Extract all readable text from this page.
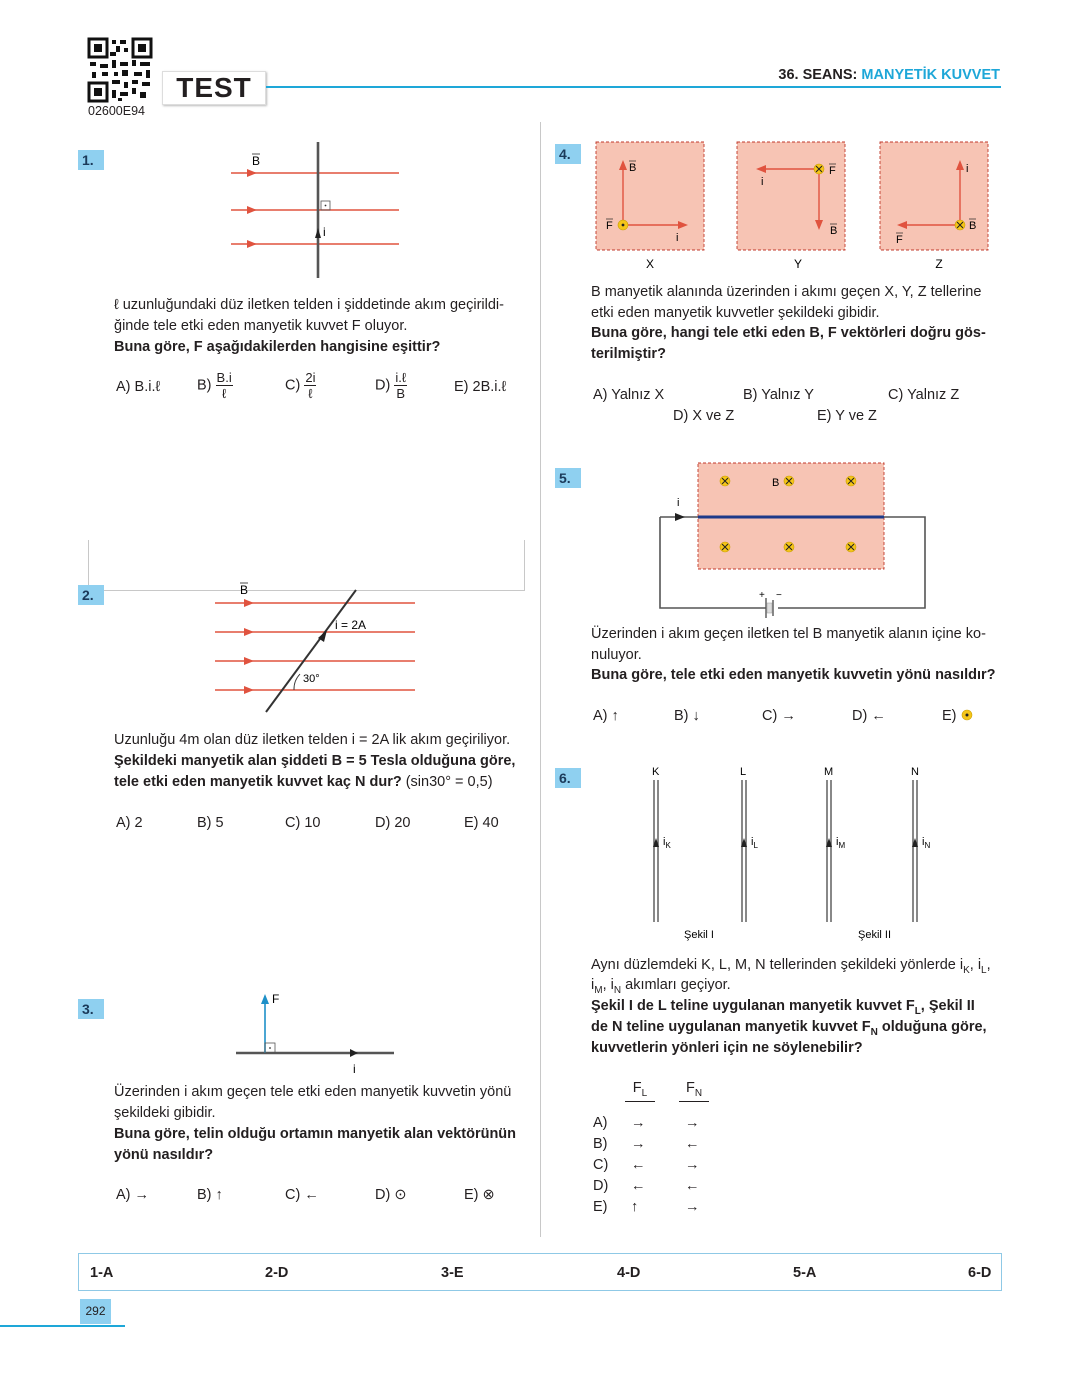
02600E94
TEST	36. SEANS: MANYETİK KUVVET
1.	B
i
ℓ uzunluğundaki düz iletken telden i şiddetinde akım geçirildi-
ğinde tele etki eden manyetik kuvvet F oluyor.
Buna göre, F aşağıdakilerden hangisine eşittir?
A) B.i.ℓ	$B) \frac{B.i}{\text{ℓ}}$	$C) \frac{2i}{\text{ℓ}}$	$D) \frac{\text{i.ℓ}}{B}$	E) 2B.i.ℓ
2.	B
i = 2A
30°
Uzunluğu 4m olan düz iletken telden i = 2A lik akım geçiriliyor.
Şekildeki manyetik alan şiddeti B = 5 Tesla olduğuna göre,
tele etki eden manyetik kuvvet kaç N dur? (sin30° = 0,5)
A) 2	B) 5	C) 10	D) 20	E) 40
3.
F
i
Üzerinden i akım geçen tele etki eden manyetik kuvvetin yönü
şekildeki gibidir.
Buna göre, telin olduğu ortamın manyetik alan vektörünün
yönü nasıldır?
A) →	B) ↑	C) ←	D) ⊙	E) ⊗
4.
B
F
i
X
i
F
B
Y
i
B
F
Z
B manyetik alanında üzerinden i akımı geçen X, Y, Z tellerine
etki eden manyetik kuvvetler şekildeki gibidir.
Buna göre, hangi tele etki eden B, F vektörleri doğru gös-
terilmiştir?
A) Yalnız X	B) Yalnız Y	C) Yalnız Z
D) X ve Z	E) Y ve Z
5.
+ −
i
B
Üzerinden i akım geçen iletken tel B manyetik alanın içine ko-
nuluyor.
Buna göre, tele etki eden manyetik kuvvetin yönü nasıldır?
A) ↑	B) ↓	C) →	D) ←	E)
6.	K	L	M	N
$i_K$	$i_L$	$i_M$	$i_N$
Şekil I	Şekil II
Aynı düzlemdeki K, L, M, N tellerinden şekildeki yönlerde $i_K$, $i_L$,
$i_M$, $i_N$ akımları geçiyor.
Şekil I de L teline uygulanan manyetik kuvvet $F_L$, Şekil II
de N teline uygulanan manyetik kuvvet $F_N$ olduğuna göre,
kuvvetlerin yönleri için ne söylenebilir?
$F_L$	$F_N$
A) →	→
B) →	←
C) ←	→
D) ←	←
E) ↑	→
1-A	2-D	3-E	4-D	5-A	6-D
292
